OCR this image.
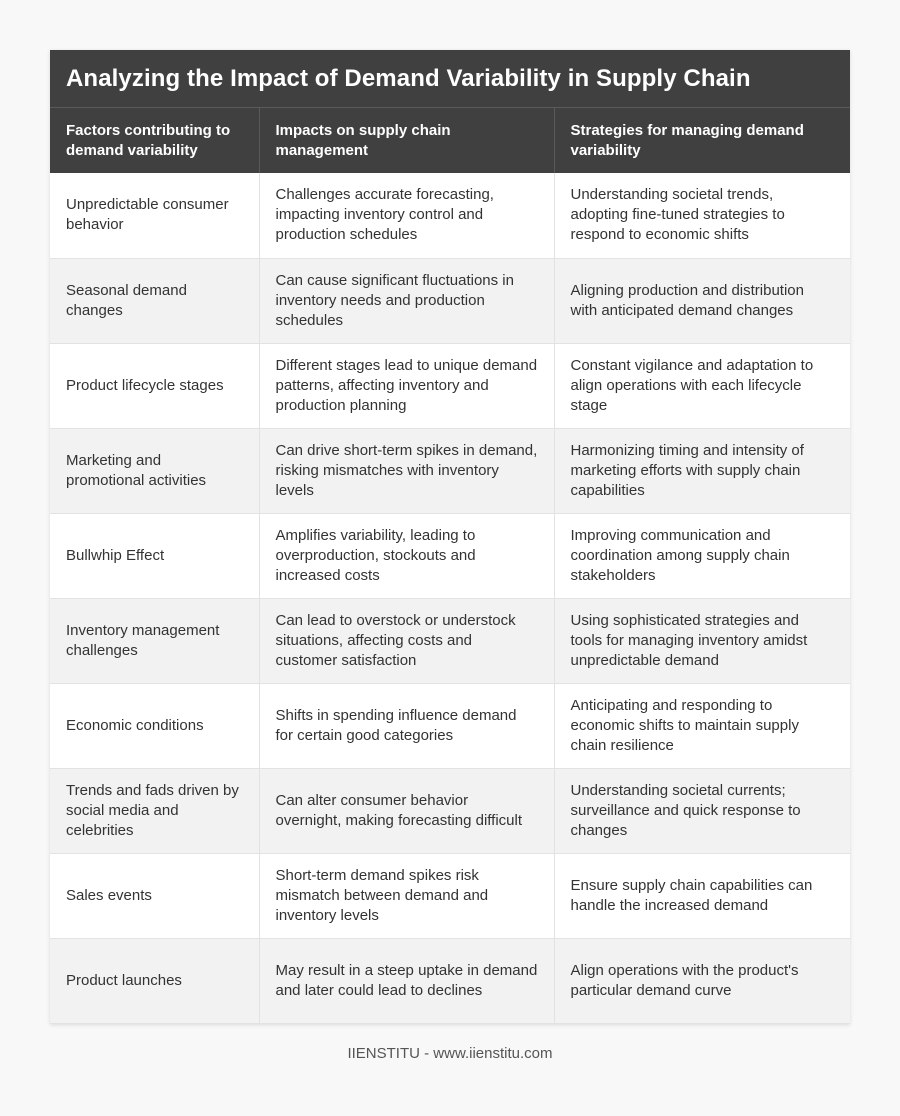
Analyzing the Impact of Demand Variability in Supply Chain
Factors contributing to demand variability	Impacts on supply chain management	Strategies for managing demand variability
Unpredictable consumer behavior	Challenges accurate forecasting, impacting inventory control and production schedules	Understanding societal trends, adopting fine-tuned strategies to respond to economic shifts
Seasonal demand changes	Can cause significant fluctuations in inventory needs and production schedules	Aligning production and distribution with anticipated demand changes
Product lifecycle stages	Different stages lead to unique demand patterns, affecting inventory and production planning	Constant vigilance and adaptation to align operations with each lifecycle stage
Marketing and promotional activities	Can drive short-term spikes in demand, risking mismatches with inventory levels	Harmonizing timing and intensity of marketing efforts with supply chain capabilities
Bullwhip Effect	Amplifies variability, leading to overproduction, stockouts and increased costs	Improving communication and coordination among supply chain stakeholders
Inventory management challenges	Can lead to overstock or understock situations, affecting costs and customer satisfaction	Using sophisticated strategies and tools for managing inventory amidst unpredictable demand
Economic conditions	Shifts in spending influence demand for certain good categories	Anticipating and responding to economic shifts to maintain supply chain resilience
Trends and fads driven by social media and celebrities	Can alter consumer behavior overnight, making forecasting difficult	Understanding societal currents; surveillance and quick response to changes
Sales events	Short-term demand spikes risk mismatch between demand and inventory levels	Ensure supply chain capabilities can handle the increased demand
Product launches	May result in a steep uptake in demand and later could lead to declines	Align operations with the product's particular demand curve
IIENSTITU - www.iienstitu.com
